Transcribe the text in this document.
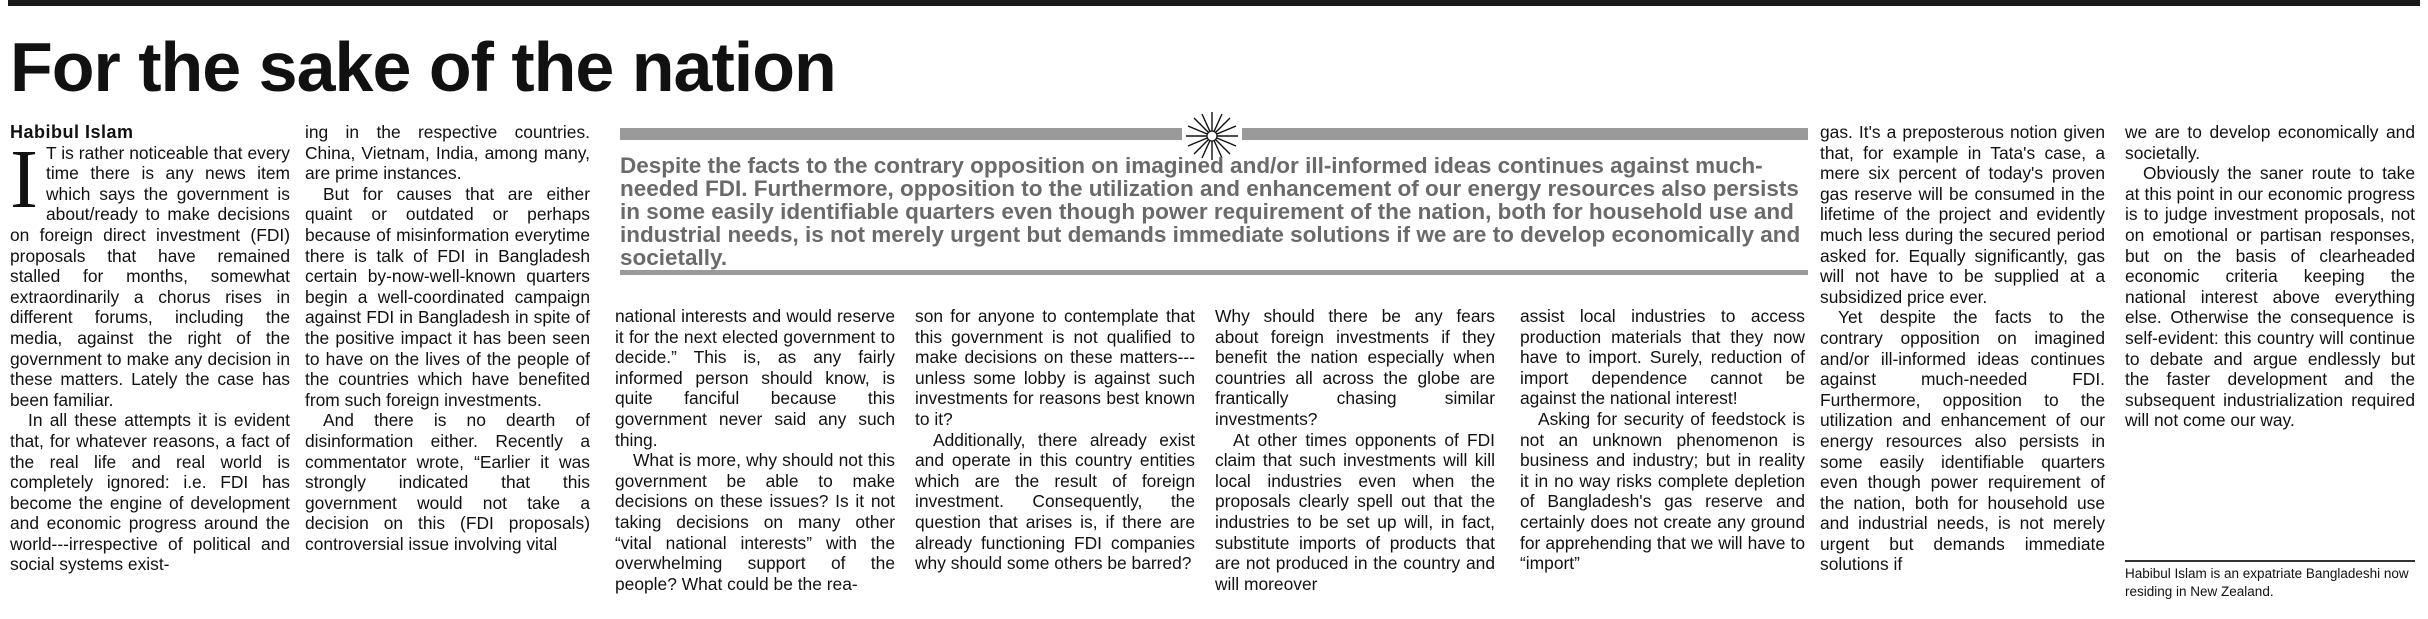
For the sake of the nation

Habibul Islam

I T is rather noticeable that every time there is any news item which says the government is about/ready to make decisions on foreign direct investment (FDI) proposals that have remained stalled for months, somewhat extraordinarily a chorus rises in different forums, including the media, against the right of the government to make any decision in these matters. Lately the case has been familiar.

In all these attempts it is evident that, for whatever reasons, a fact of the real life and real world is completely ignored: i.e. FDI has become the engine of development and economic progress around the world---irrespective of political and social systems exist-

ing in the respective countries. China, Vietnam, India, among many, are prime instances.

But for causes that are either quaint or outdated or perhaps because of misinformation everytime there is talk of FDI in Bangladesh certain by-now-well-known quarters begin a well-coordinated campaign against FDI in Bangladesh in spite of the positive impact it has been seen to have on the lives of the people of the countries which have benefited from such foreign investments.

And there is no dearth of disinformation either. Recently a commentator wrote, “Earlier it was strongly indicated that this government would not take a decision on this (FDI proposals) controversial issue involving vital

Despite the facts to the contrary opposition on imagined and/or ill-informed ideas continues against much-needed FDI. Furthermore, opposition to the utilization and enhancement of our energy resources also persists in some easily identifiable quarters even though power requirement of the nation, both for household use and industrial needs, is not merely urgent but demands immediate solutions if we are to develop economically and societally.

national interests and would reserve it for the next elected government to decide.” This is, as any fairly informed person should know, is quite fanciful because this government never said any such thing.

What is more, why should not this government be able to make decisions on these issues? Is it not taking decisions on many other “vital national interests” with the overwhelming support of the people? What could be the rea-

son for anyone to contemplate that this government is not qualified to make decisions on these matters---unless some lobby is against such investments for reasons best known to it?

Additionally, there already exist and operate in this country entities which are the result of foreign investment. Consequently, the question that arises is, if there are already functioning FDI companies why should some others be barred?

Why should there be any fears about foreign investments if they benefit the nation especially when countries all across the globe are frantically chasing similar investments?

At other times opponents of FDI claim that such investments will kill local industries even when the proposals clearly spell out that the industries to be set up will, in fact, substitute imports of products that are not produced in the country and will moreover

assist local industries to access production materials that they now have to import. Surely, reduction of import dependence cannot be against the national interest!

Asking for security of feedstock is not an unknown phenomenon is business and industry; but in reality it in no way risks complete depletion of Bangladesh's gas reserve and certainly does not create any ground for apprehending that we will have to “import”

gas. It's a preposterous notion given that, for example in Tata's case, a mere six percent of today's proven gas reserve will be consumed in the lifetime of the project and evidently much less during the secured period asked for. Equally significantly, gas will not have to be supplied at a subsidized price ever.

Yet despite the facts to the contrary opposition on imagined and/or ill-informed ideas continues against much-needed FDI. Furthermore, opposition to the utilization and enhancement of our energy resources also persists in some easily identifiable quarters even though power requirement of the nation, both for household use and industrial needs, is not merely urgent but demands immediate solutions if

we are to develop economically and societally.

Obviously the saner route to take at this point in our economic progress is to judge investment proposals, not on emotional or partisan responses, but on the basis of clearheaded economic criteria keeping the national interest above everything else. Otherwise the consequence is self-evident: this country will continue to debate and argue endlessly but the faster development and the subsequent industrialization required will not come our way.

Habibul Islam is an expatriate Bangladeshi now residing in New Zealand.
